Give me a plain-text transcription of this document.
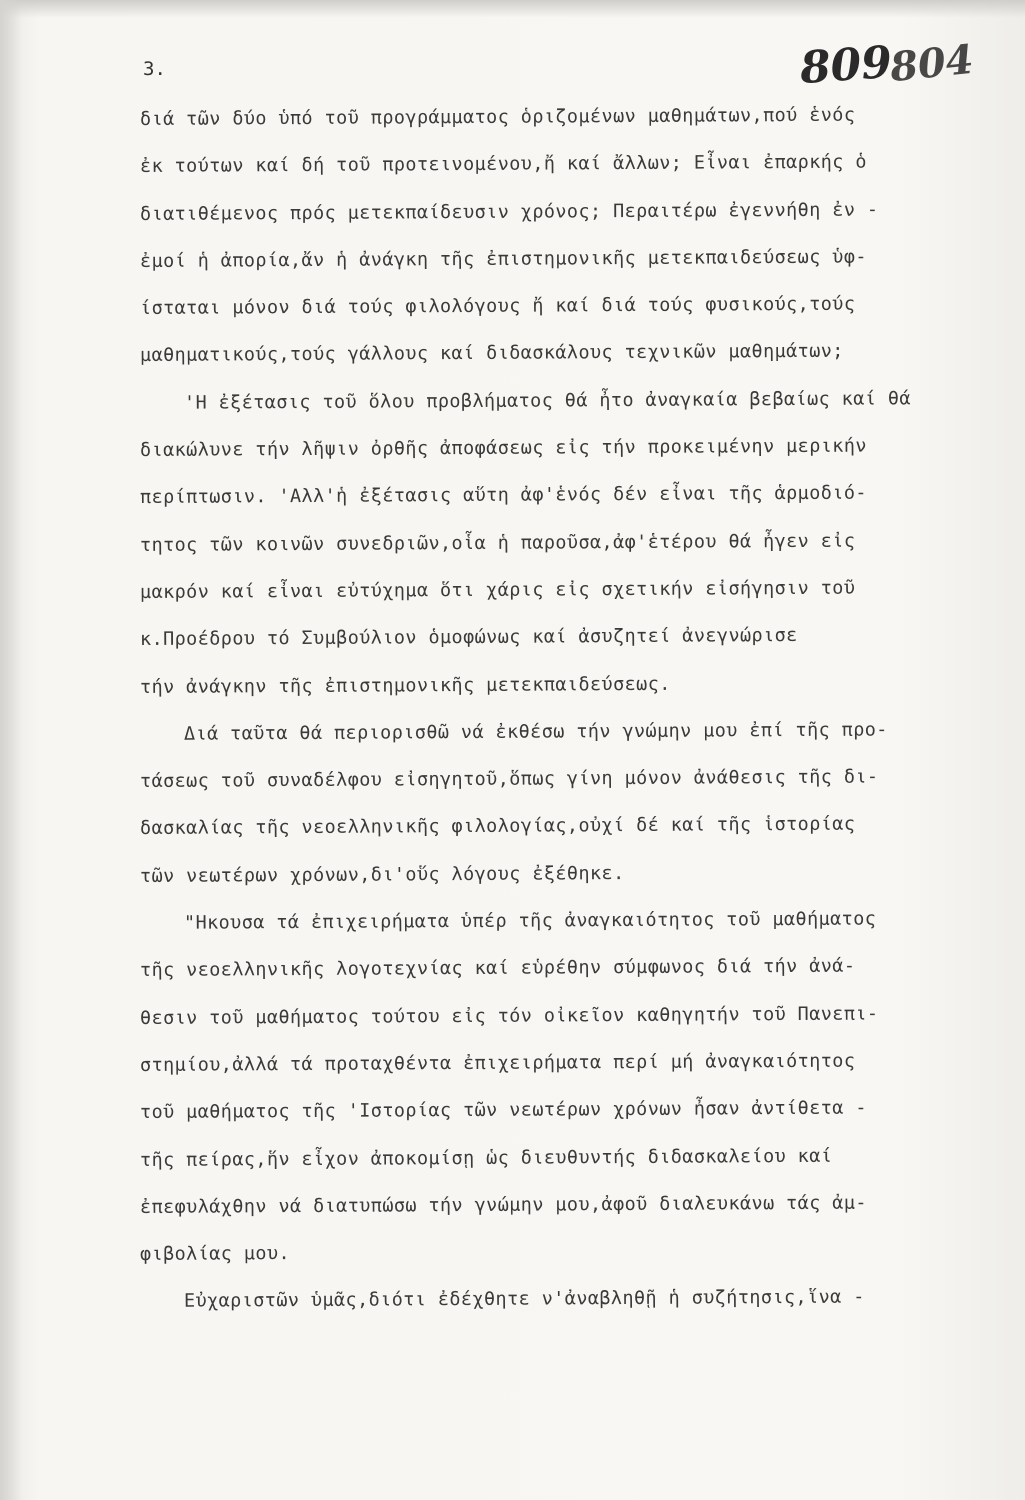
3.	809
804
διά τῶν δύο ὑπό τοῦ προγράμματος ὁριζομένων μαθημάτων,πού ἑνός
ἐκ τούτων καί δή τοῦ προτεινομένου,ἤ καί ἄλλων; Εἶναι ἐπαρκής ὁ
διατιθέμενος πρός μετεκπαίδευσιν χρόνος; Περαιτέρω ἐγεννήθη ἐν -
ἐμοί ἡ ἀπορία,ἄν ἡ ἀνάγκη τῆς ἐπιστημονικῆς μετεκπαιδεύσεως ὑφ-
ίσταται μόνον διά τούς φιλολόγους ἤ καί διά τούς φυσικούς,τούς
μαθηματικούς,τούς γάλλους καί διδασκάλους τεχνικῶν μαθημάτων;
'Η ἐξέτασις τοῦ ὅλου προβλήματος θά ἦτο ἀναγκαία βεβαίως καί θά
διακώλυνε τήν λῆψιν ὀρθῆς ἀποφάσεως εἰς τήν προκειμένην μερικήν
περίπτωσιν. 'Αλλ'ἡ ἐξέτασις αὕτη ἀφ'ἑνός δέν εἶναι τῆς ἁρμοδιό-
τητος τῶν κοινῶν συνεδριῶν,οἷα ἡ παροῦσα,ἀφ'ἑτέρου θά ἦγεν εἰς
μακρόν καί εἶναι εὐτύχημα ὅτι χάρις εἰς σχετικήν εἰσήγησιν τοῦ
κ.Προέδρου τό Συμβούλιον ὁμοφώνως καί ἀσυζητεί ἀνεγνώρισε
τήν ἀνάγκην τῆς ἐπιστημονικῆς μετεκπαιδεύσεως.
Διά ταῦτα θά περιορισθῶ νά ἐκθέσω τήν γνώμην μου ἐπί τῆς προ-
τάσεως τοῦ συναδέλφου εἰσηγητοῦ,ὅπως γίνη μόνον ἀνάθεσις τῆς δι-
δασκαλίας τῆς νεοελληνικῆς φιλολογίας,οὐχί δέ καί τῆς ἱστορίας
τῶν νεωτέρων χρόνων,δι'οὕς λόγους ἐξέθηκε.
"Ηκουσα τά ἐπιχειρήματα ὑπέρ τῆς ἀναγκαιότητος τοῦ μαθήματος
τῆς νεοελληνικῆς λογοτεχνίας καί εὑρέθην σύμφωνος διά τήν ἀνά-
θεσιν τοῦ μαθήματος τούτου εἰς τόν οἰκεῖον καθηγητήν τοῦ Πανεπι-
στημίου,ἀλλά τά προταχθέντα ἐπιχειρήματα περί μή ἀναγκαιότητος
τοῦ μαθήματος τῆς 'Ιστορίας τῶν νεωτέρων χρόνων ἦσαν ἀντίθετα -
τῆς πείρας,ἥν εἶχον ἀποκομίσῃ ὡς διευθυντής διδασκαλείου καί
ἐπεφυλάχθην νά διατυπώσω τήν γνώμην μου,ἀφοῦ διαλευκάνω τάς ἀμ-
φιβολίας μου.
Εὐχαριστῶν ὑμᾶς,διότι ἐδέχθητε ν'ἀναβληθῇ ἡ συζήτησις,ἵνα -
